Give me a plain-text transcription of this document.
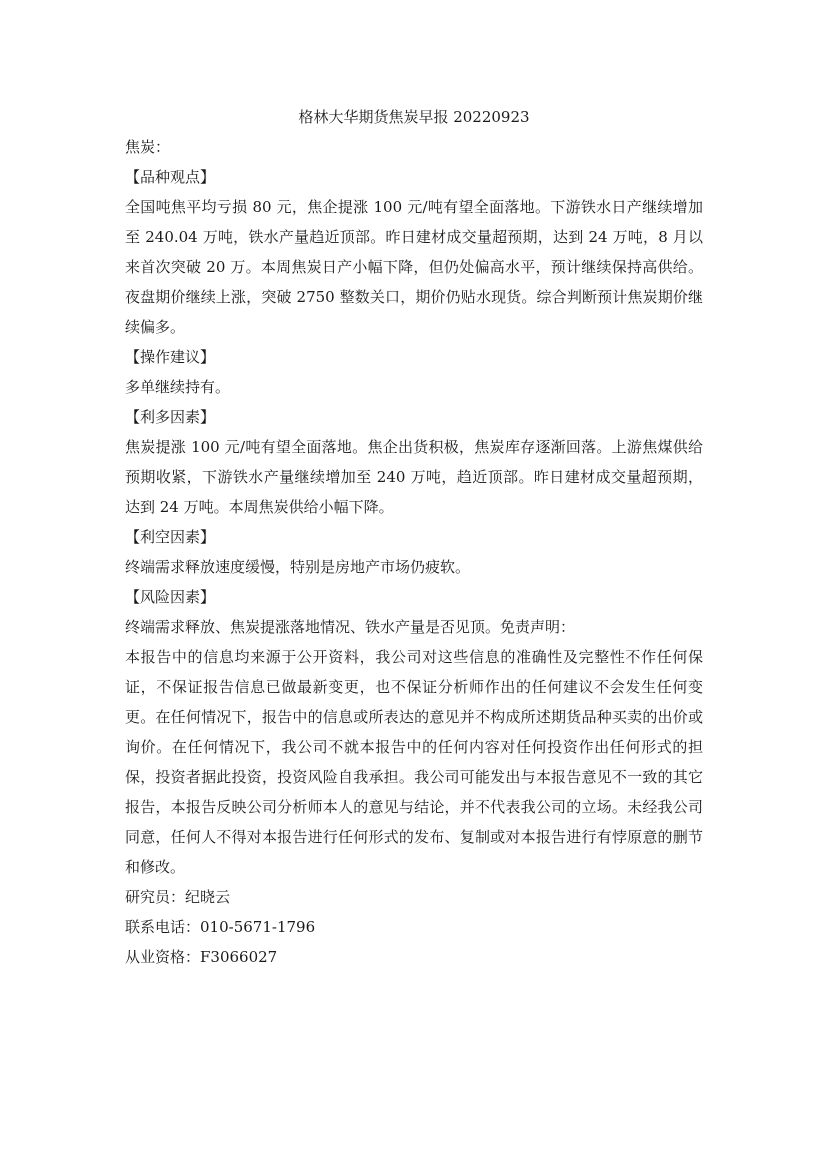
格林大华期货焦炭早报 20220923

焦炭：

【品种观点】

全国吨焦平均亏损 80 元，焦企提涨 100 元/吨有望全面落地。下游铁水日产继续增加至 240.04 万吨，铁水产量趋近顶部。昨日建材成交量超预期，达到 24 万吨，8 月以来首次突破 20 万。本周焦炭日产小幅下降，但仍处偏高水平，预计继续保持高供给。夜盘期价继续上涨，突破 2750 整数关口，期价仍贴水现货。综合判断预计焦炭期价继续偏多。

【操作建议】

多单继续持有。

【利多因素】

焦炭提涨 100 元/吨有望全面落地。焦企出货积极，焦炭库存逐渐回落。上游焦煤供给预期收紧，下游铁水产量继续增加至 240 万吨，趋近顶部。昨日建材成交量超预期，达到 24 万吨。本周焦炭供给小幅下降。

【利空因素】

终端需求释放速度缓慢，特别是房地产市场仍疲软。

【风险因素】

终端需求释放、焦炭提涨落地情况、铁水产量是否见顶。免责声明：

本报告中的信息均来源于公开资料，我公司对这些信息的准确性及完整性不作任何保证，不保证报告信息已做最新变更，也不保证分析师作出的任何建议不会发生任何变更。在任何情况下，报告中的信息或所表达的意见并不构成所述期货品种买卖的出价或询价。在任何情况下，我公司不就本报告中的任何内容对任何投资作出任何形式的担保，投资者据此投资，投资风险自我承担。我公司可能发出与本报告意见不一致的其它报告，本报告反映公司分析师本人的意见与结论，并不代表我公司的立场。未经我公司同意，任何人不得对本报告进行任何形式的发布、复制或对本报告进行有悖原意的删节和修改。

研究员：纪晓云

联系电话：010-5671-1796

从业资格：F3066027
